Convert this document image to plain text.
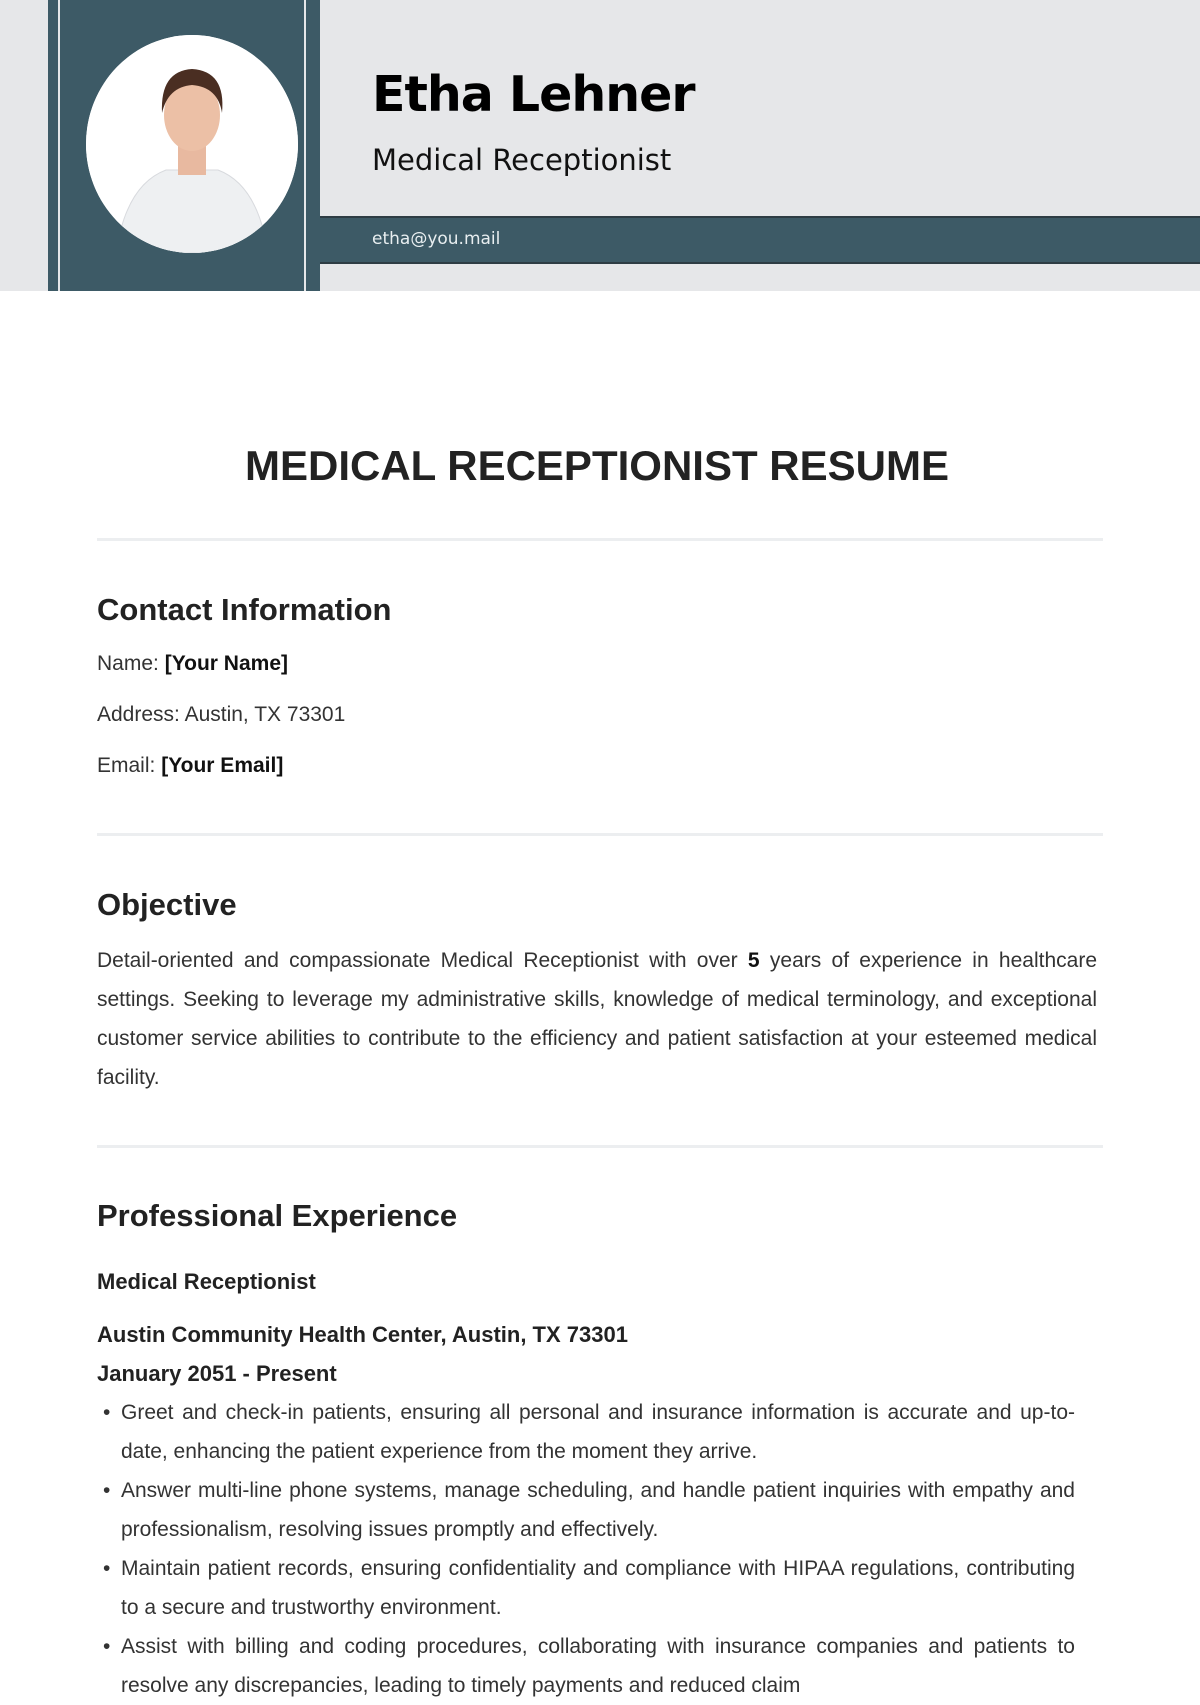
Etha Lehner
Medical Receptionist
etha@you.mail
MEDICAL RECEPTIONIST RESUME
Contact Information

Name: [Your Name]

Address: Austin, TX 73301

Email: [Your Email]

Objective

Detail-oriented and compassionate Medical Receptionist with over 5 years of experience in healthcare settings. Seeking to leverage my administrative skills, knowledge of medical terminology, and exceptional customer service abilities to contribute to the efficiency and patient satisfaction at your esteemed medical facility.

Professional Experience

Medical Receptionist

Austin Community Health Center, Austin, TX 73301

January 2051 - Present

• Greet and check-in patients, ensuring all personal and insurance information is accurate and up-to-date, enhancing the patient experience from the moment they arrive.
• Answer multi-line phone systems, manage scheduling, and handle patient inquiries with empathy and professionalism, resolving issues promptly and effectively.
• Maintain patient records, ensuring confidentiality and compliance with HIPAA regulations, contributing to a secure and trustworthy environment.
• Assist with billing and coding procedures, collaborating with insurance companies and patients to resolve any discrepancies, leading to timely payments and reduced claim
